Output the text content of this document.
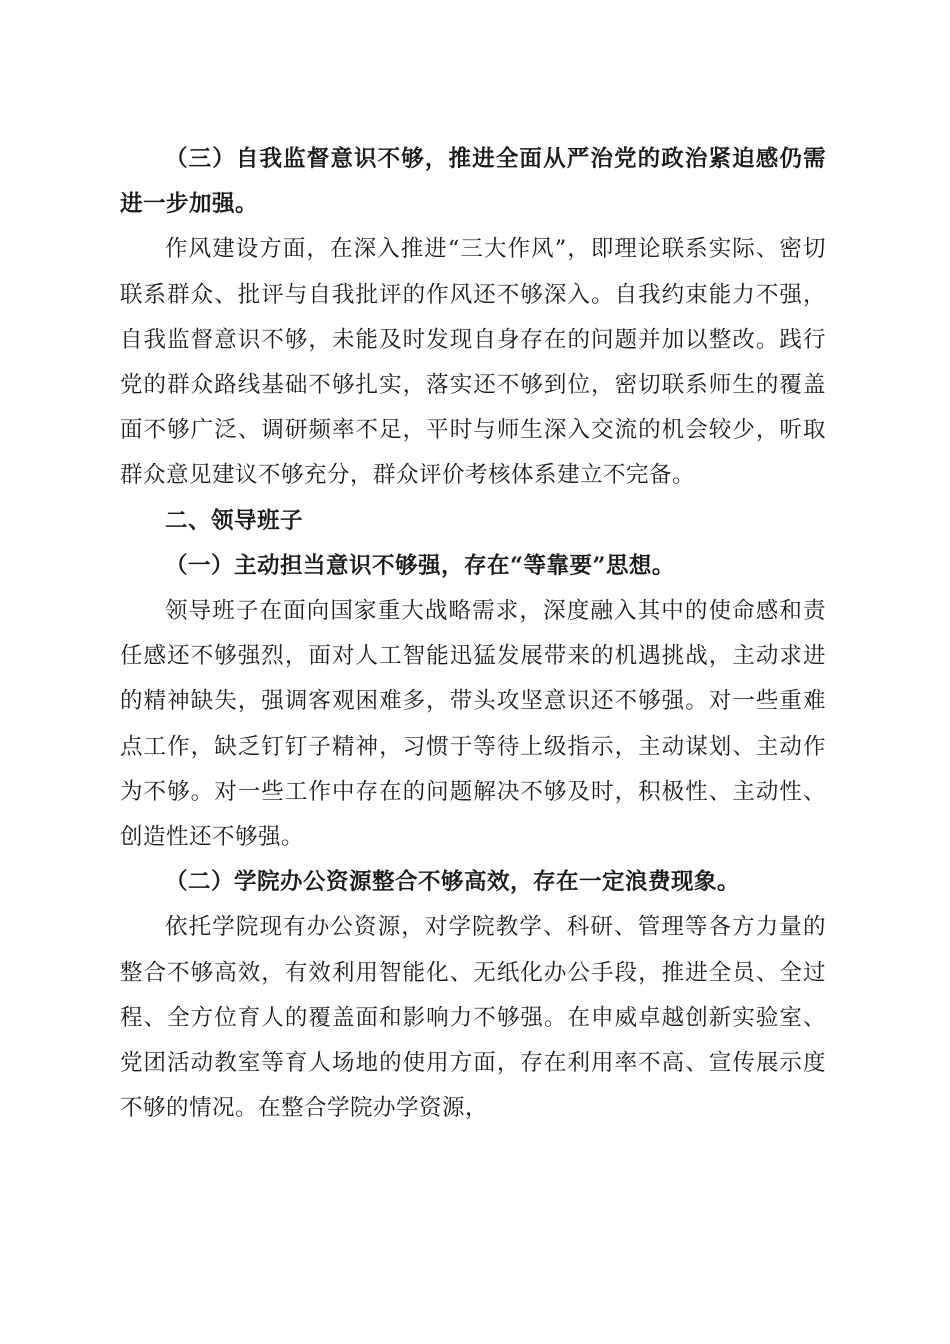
（三）自我监督意识不够，推进全面从严治党的政治紧迫感仍需进一步加强。

作风建设方面，在深入推进“三大作风”，即理论联系实际、密切联系群众、批评与自我批评的作风还不够深入。自我约束能力不强，自我监督意识不够，未能及时发现自身存在的问题并加以整改。践行党的群众路线基础不够扎实，落实还不够到位，密切联系师生的覆盖面不够广泛、调研频率不足，平时与师生深入交流的机会较少，听取群众意见建议不够充分，群众评价考核体系建立不完备。

二、领导班子

（一）主动担当意识不够强，存在“等靠要”思想。

领导班子在面向国家重大战略需求，深度融入其中的使命感和责任感还不够强烈，面对人工智能迅猛发展带来的机遇挑战，主动求进的精神缺失，强调客观困难多，带头攻坚意识还不够强。对一些重难点工作，缺乏钉钉子精神，习惯于等待上级指示，主动谋划、主动作为不够。对一些工作中存在的问题解决不够及时，积极性、主动性、创造性还不够强。

（二）学院办公资源整合不够高效，存在一定浪费现象。

依托学院现有办公资源，对学院教学、科研、管理等各方力量的整合不够高效，有效利用智能化、无纸化办公手段，推进全员、全过程、全方位育人的覆盖面和影响力不够强。在申威卓越创新实验室、党团活动教室等育人场地的使用方面，存在利用率不高、宣传展示度不够的情况。在整合学院办学资源，
